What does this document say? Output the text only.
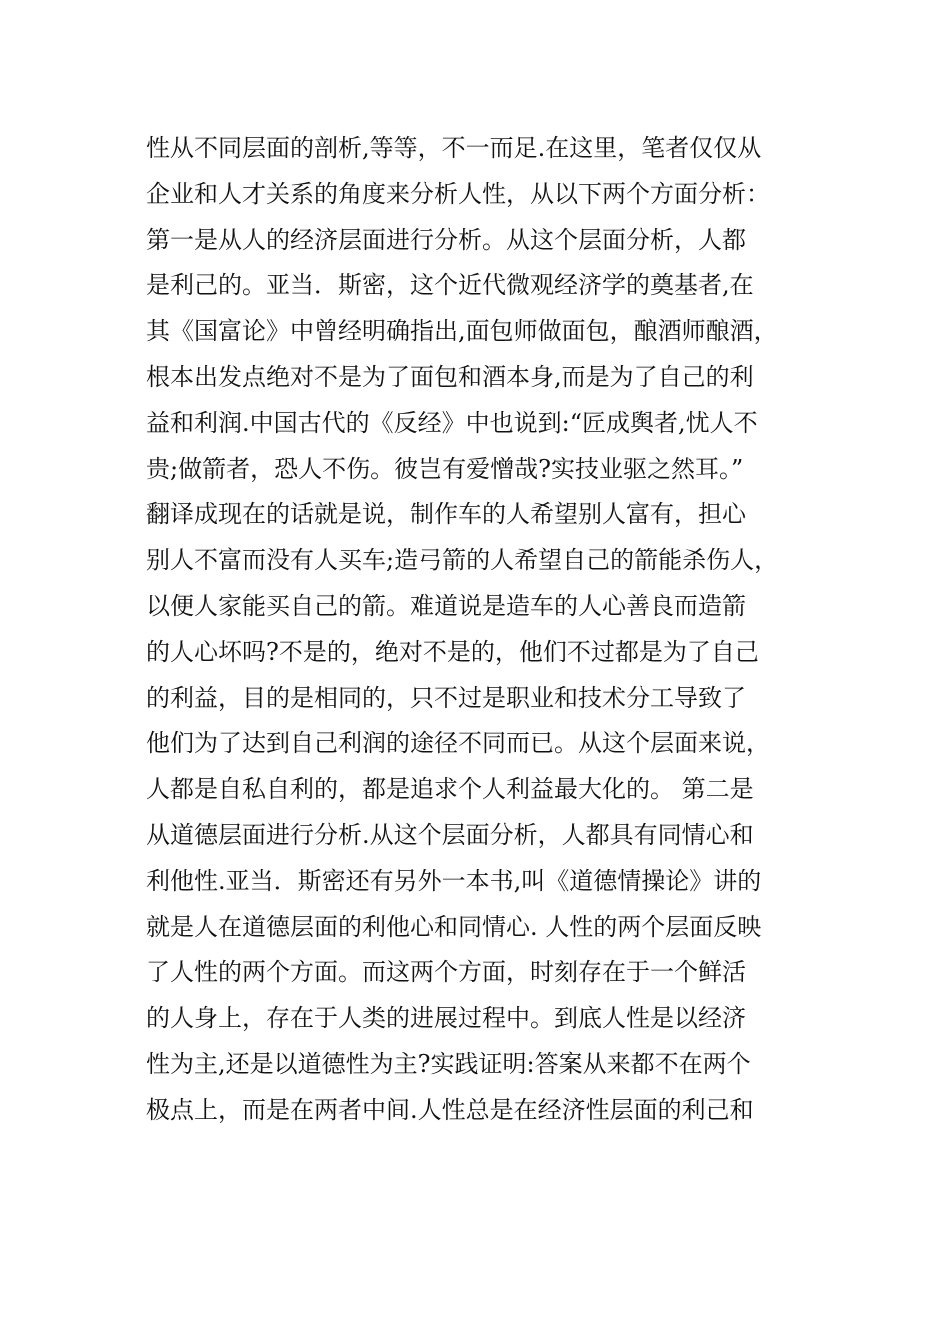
性从不同层面的剖析,等等，不一而足.在这里，笔者仅仅从
企业和人才关系的角度来分析人性，从以下两个方面分析：
第一是从人的经济层面进行分析。从这个层面分析，人都
是利己的。亚当．斯密，这个近代微观经济学的奠基者,在
其《国富论》中曾经明确指出,面包师做面包，酿酒师酿酒，
根本出发点绝对不是为了面包和酒本身,而是为了自己的利
益和利润.中国古代的《反经》中也说到:“匠成舆者,忧人不
贵;做箭者，恐人不伤。彼岂有爱憎哉?实技业驱之然耳。”
翻译成现在的话就是说，制作车的人希望别人富有，担心
别人不富而没有人买车;造弓箭的人希望自己的箭能杀伤人，
以便人家能买自己的箭。难道说是造车的人心善良而造箭
的人心坏吗?不是的，绝对不是的，他们不过都是为了自己
的利益，目的是相同的，只不过是职业和技术分工导致了
他们为了达到自己利润的途径不同而已。从这个层面来说，
人都是自私自利的，都是追求个人利益最大化的。 第二是
从道德层面进行分析.从这个层面分析，人都具有同情心和
利他性.亚当．斯密还有另外一本书,叫《道德情操论》讲的
就是人在道德层面的利他心和同情心. 人性的两个层面反映
了人性的两个方面。而这两个方面，时刻存在于一个鲜活
的人身上，存在于人类的进展过程中。到底人性是以经济
性为主,还是以道德性为主?实践证明:答案从来都不在两个
极点上，而是在两者中间.人性总是在经济性层面的利己和
